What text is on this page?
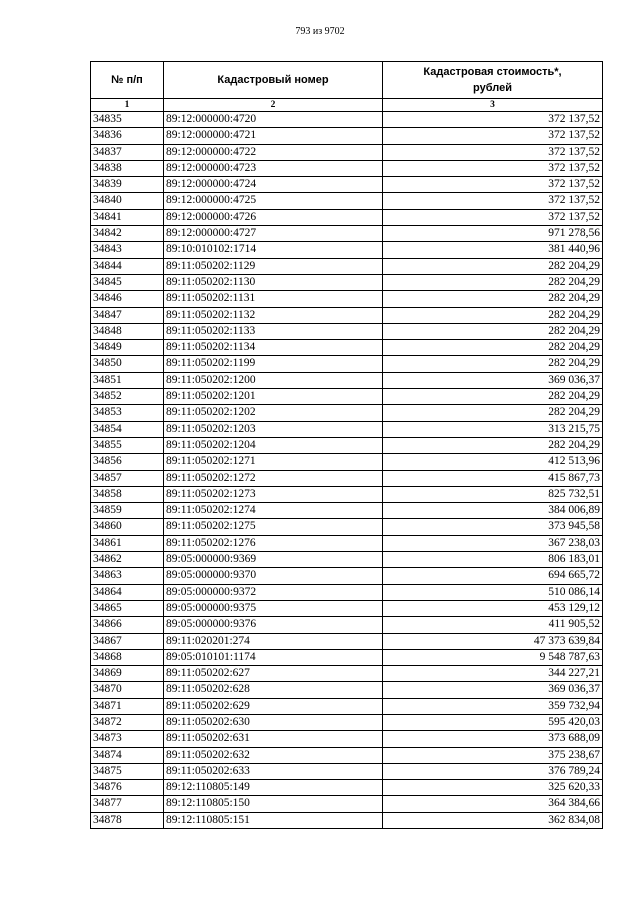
793 из 9702
№ п/п	Кадастровый номер	Кадастровая стоимость*,
рублей
1	2	3
34835	89:12:000000:4720	372 137,52
34836	89:12:000000:4721	372 137,52
34837	89:12:000000:4722	372 137,52
34838	89:12:000000:4723	372 137,52
34839	89:12:000000:4724	372 137,52
34840	89:12:000000:4725	372 137,52
34841	89:12:000000:4726	372 137,52
34842	89:12:000000:4727	971 278,56
34843	89:10:010102:1714	381 440,96
34844	89:11:050202:1129	282 204,29
34845	89:11:050202:1130	282 204,29
34846	89:11:050202:1131	282 204,29
34847	89:11:050202:1132	282 204,29
34848	89:11:050202:1133	282 204,29
34849	89:11:050202:1134	282 204,29
34850	89:11:050202:1199	282 204,29
34851	89:11:050202:1200	369 036,37
34852	89:11:050202:1201	282 204,29
34853	89:11:050202:1202	282 204,29
34854	89:11:050202:1203	313 215,75
34855	89:11:050202:1204	282 204,29
34856	89:11:050202:1271	412 513,96
34857	89:11:050202:1272	415 867,73
34858	89:11:050202:1273	825 732,51
34859	89:11:050202:1274	384 006,89
34860	89:11:050202:1275	373 945,58
34861	89:11:050202:1276	367 238,03
34862	89:05:000000:9369	806 183,01
34863	89:05:000000:9370	694 665,72
34864	89:05:000000:9372	510 086,14
34865	89:05:000000:9375	453 129,12
34866	89:05:000000:9376	411 905,52
34867	89:11:020201:274	47 373 639,84
34868	89:05:010101:1174	9 548 787,63
34869	89:11:050202:627	344 227,21
34870	89:11:050202:628	369 036,37
34871	89:11:050202:629	359 732,94
34872	89:11:050202:630	595 420,03
34873	89:11:050202:631	373 688,09
34874	89:11:050202:632	375 238,67
34875	89:11:050202:633	376 789,24
34876	89:12:110805:149	325 620,33
34877	89:12:110805:150	364 384,66
34878	89:12:110805:151	362 834,08
